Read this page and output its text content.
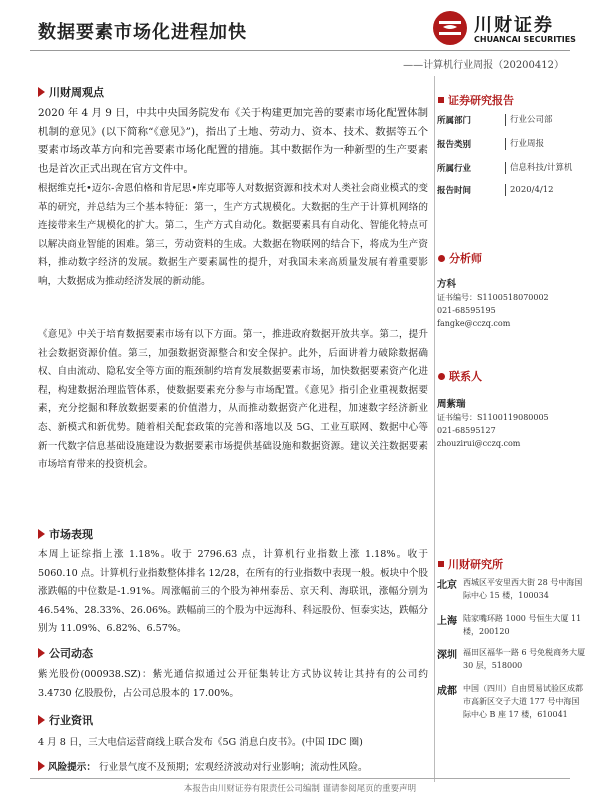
数据要素市场化进程加快	川财证券
CHUANCAI SECURITIES
——计算机行业周报（20200412）
川财周观点
2020 年 4 月 9 日，中共中央国务院发布《关于构建更加完善的要素市场化配置体制机制的意见》(以下简称“《意见》”)，指出了土地、劳动力、资本、技术、数据等五个要素市场改革方向和完善要素市场化配置的措施。其中数据作为一种新型的生产要素也是首次正式出现在官方文件中。
根据维克托•迈尔-舍恩伯格和肯尼思•库克耶等人对数据资源和技术对人类社会商业模式的变革的研究，并总结为三个基本特征：第一，生产方式规模化。大数据的生产于计算机网络的连接带来生产规模化的扩大。第二，生产方式自动化。数据要素具有自动化、智能化特点可以解决商业智能的困难。第三，劳动资料的生成。大数据在物联网的结合下，将成为生产资料，推动数字经济的发展。数据生产要素属性的提升，对我国未来高质量发展有着重要影响，大数据成为推动经济发展的新动能。
《意见》中关于培育数据要素市场有以下方面。第一，推进政府数据开放共享。第二，提升社会数据资源价值。第三，加强数据资源整合和安全保护。此外，后面讲着力破除数据确权、自由流动、隐私安全等方面的瓶颈制约培育发展数据要素市场，加快数据要素资产化进程，构建数据治理监管体系，使数据要素充分参与市场配置。《意见》指引企业重视数据要素，充分挖掘和释放数据要素的价值潜力，从而推动数据资产化进程，加速数字经济新业态、新模式和新优势。随着相关配套政策的完善和落地以及 5G、工业互联网、数据中心等新一代数字信息基础设施建设为数据要素市场提供基础设施和数据资源。建议关注数据要素市场培育带来的投资机会。
市场表现
本周上证综指上涨 1.18%。收于 2796.63 点，计算机行业指数上涨 1.18%。收于 5060.10 点。计算机行业指数整体排名 12/28，在所有的行业指数中表现一般。板块中个股涨跌幅的中位数是-1.91%。周涨幅前三的个股为神州泰岳、京天利、海联讯，涨幅分别为 46.54%、28.33%、26.06%。跌幅前三的个股为中远海科、科远股份、恒泰实达，跌幅分别为 11.09%、6.82%、6.57%。
公司动态
紫光股份(000938.SZ)：紫光通信拟通过公开征集转让方式协议转让其持有的公司约 3.4730 亿股股份，占公司总股本的 17.00%。
行业资讯
4 月 8 日，三大电信运营商线上联合发布《5G 消息白皮书》。(中国 IDC 圈)
风险提示： 行业景气度不及预期；宏观经济波动对行业影响；流动性风险。
证券研究报告
所属部门	行业公司部
报告类别	行业周报
所属行业	信息科技/计算机
报告时间	2020/4/12
分析师
方科
证书编号：S1100518070002
021-68595195
fangke@cczq.com
联系人
周紫瑞
证书编号：S1100119080005
021-68595127
zhouzirui@cczq.com
川财研究所
北京 西城区平安里西大街 28 号中海国际中心 15 楼，100034
上海 陆家嘴环路 1000 号恒生大厦 11 楼，200120
深圳 福田区福华一路 6 号免税商务大厦 30 层，518000
成都 中国（四川）自由贸易试验区成都市高新区交子大道 177 号中海国际中心 B 座 17 楼，610041
本报告由川财证券有限责任公司编制 谨请参阅尾页的重要声明
